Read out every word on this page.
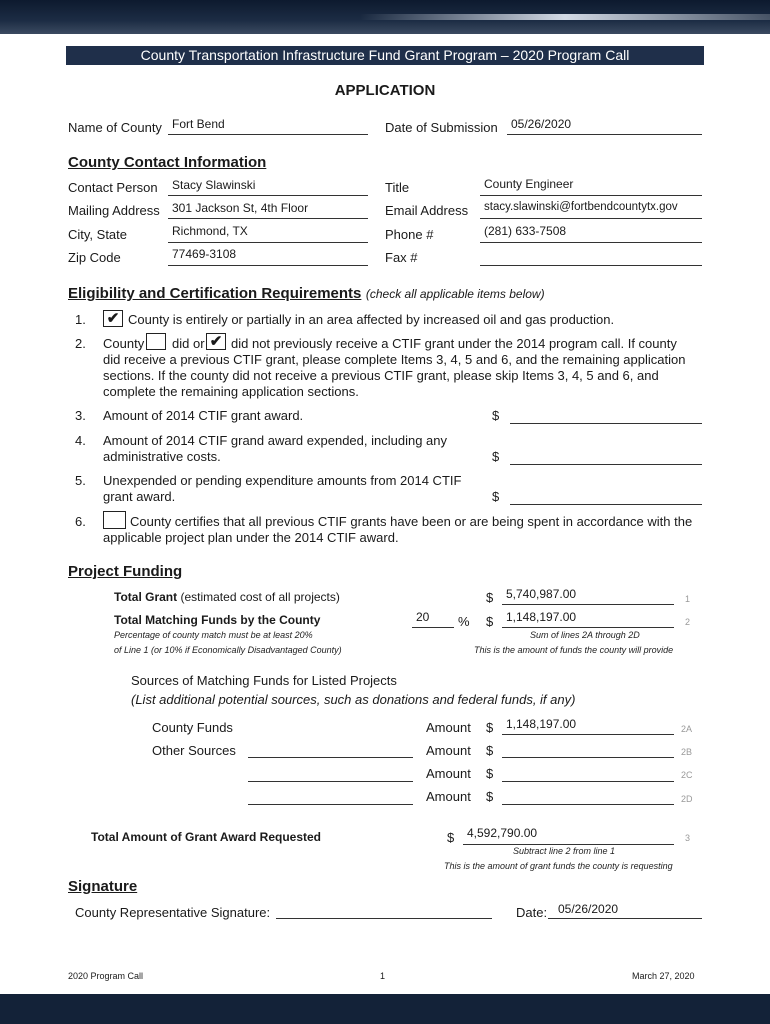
County Transportation Infrastructure Fund Grant Program – 2020 Program Call
APPLICATION
Name of County Fort Bend	Date of Submission 05/26/2020
County Contact Information
Contact Person Stacy Slawinski	Title	County Engineer
Mailing Address 301 Jackson St, 4th Floor	Email Address stacy.slawinski@fortbendcountytx.gov
City, State	Richmond, TX	Phone #	(281) 633-7508
Zip Code	77469-3108	Fax #
Eligibility and Certification Requirements (check all applicable items below)
1. ✔ County is entirely or partially in an area affected by increased oil and gas production.
2. County did or ✔ did not previously receive a CTIF grant under the 2014 program call. If county
did receive a previous CTIF grant, please complete Items 3, 4, 5 and 6, and the remaining application sections. If the county did not receive a previous CTIF grant, please skip Items 3, 4, 5 and 6, and complete the remaining application sections.
3. Amount of 2014 CTIF grant award.	$
4. Amount of 2014 CTIF grand award expended, including any administrative costs.	$
5. Unexpended or pending expenditure amounts from 2014 CTIF grant award.	$
6.	County certifies that all previous CTIF grants have been or are being spent in accordance with the applicable project plan under the 2014 CTIF award.
Project Funding
Total Grant (estimated cost of all projects)	$ 5,740,987.00	1
Total Matching Funds by the County	20 % $ 1,148,197.00	2
Percentage of county match must be at least 20%
of Line 1 (or 10% if Economically Disadvantaged County)
Sum of lines 2A through 2D
This is the amount of funds the county will provide
Sources of Matching Funds for Listed Projects
(List additional potential sources, such as donations and federal funds, if any)
County Funds	Amount $ 1,148,197.00	2A
Other Sources	Amount $	2B
Amount $	2C
Amount $	2D
Total Amount of Grant Award Requested	$ 4,592,790.00	3
Subtract line 2 from line 1
This is the amount of grant funds the county is requesting
Signature
County Representative Signature:	Date: 05/26/2020
2020 Program Call	1	March 27, 2020
